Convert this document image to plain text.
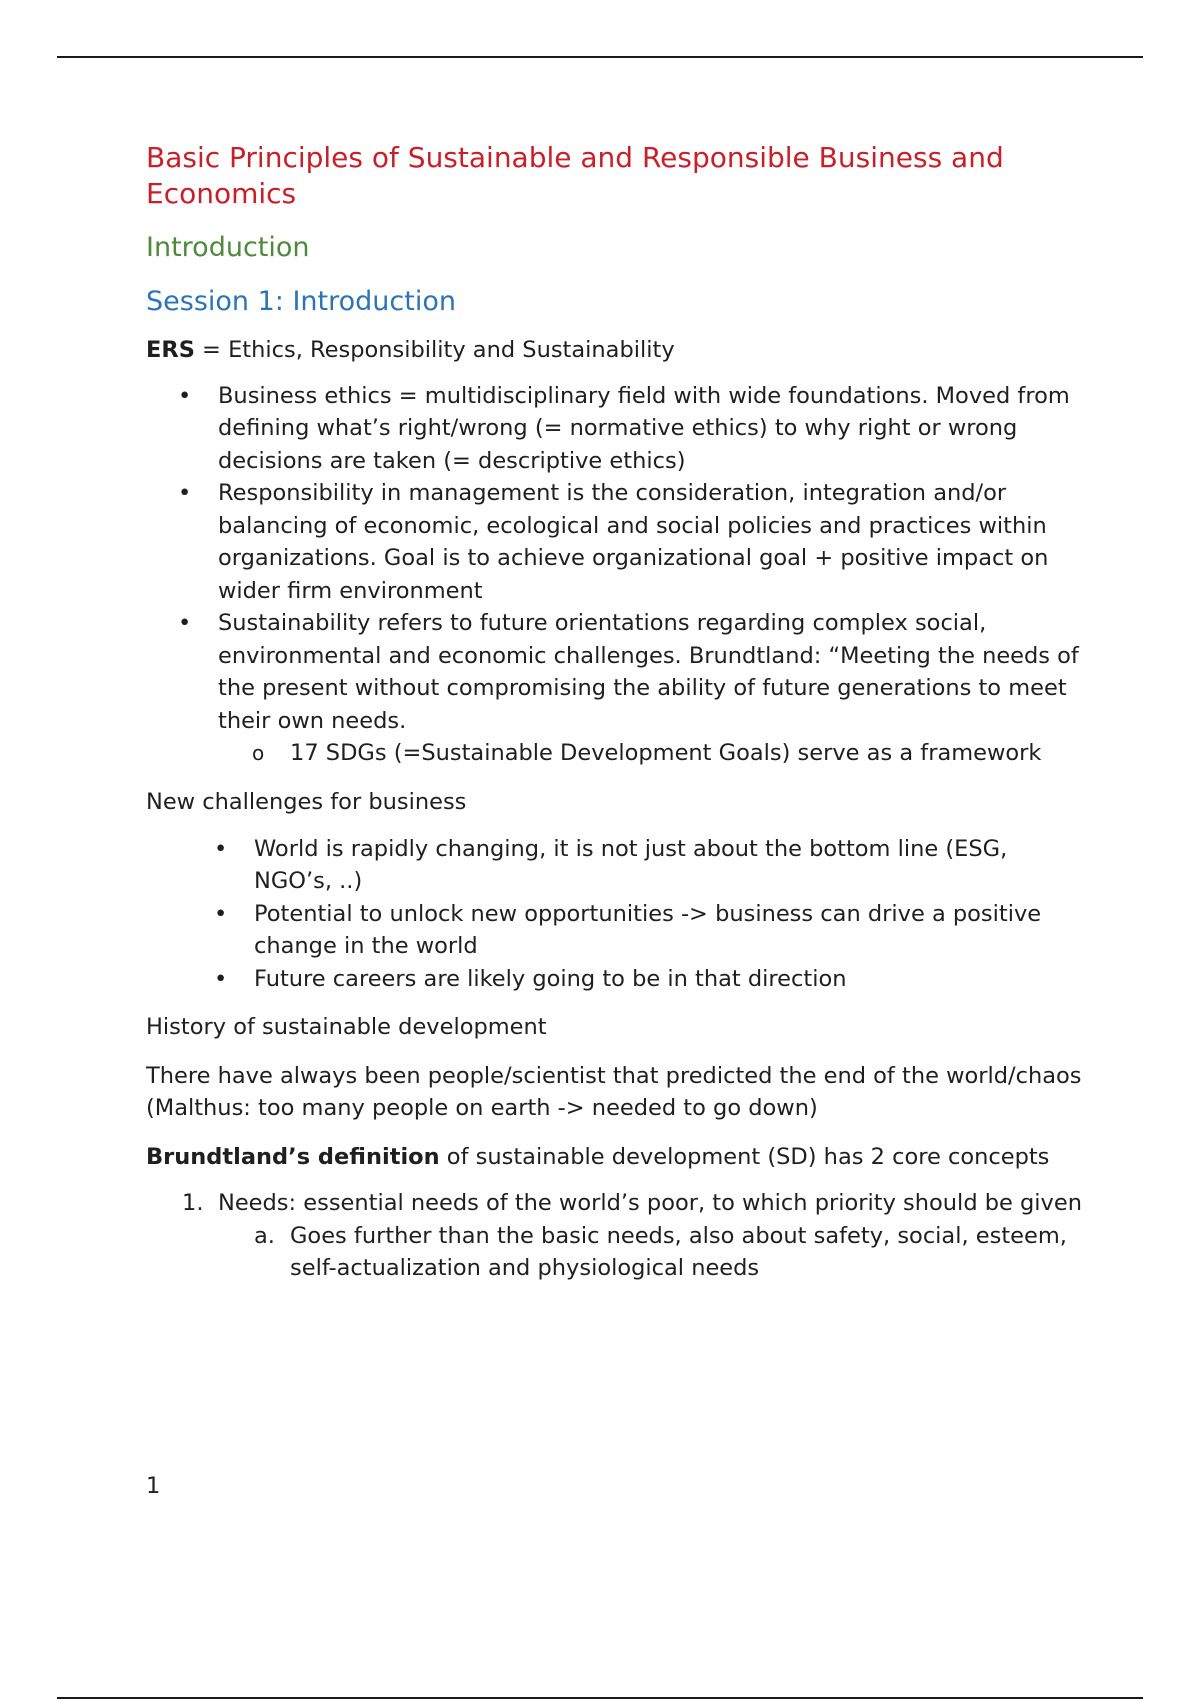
Basic Principles of Sustainable and Responsible Business and Economics
Introduction
Session 1: Introduction

ERS = Ethics, Responsibility and Sustainability

• Business ethics = multidisciplinary field with wide foundations. Moved from defining what’s right/wrong (= normative ethics) to why right or wrong decisions are taken (= descriptive ethics)
• Responsibility in management is the consideration, integration and/or balancing of economic, ecological and social policies and practices within organizations. Goal is to achieve organizational goal + positive impact on wider firm environment
• Sustainability refers to future orientations regarding complex social, environmental and economic challenges. Brundtland: “Meeting the needs of the present without compromising the ability of future generations to meet their own needs.
o 17 SDGs (=Sustainable Development Goals) serve as a framework

New challenges for business

• World is rapidly changing, it is not just about the bottom line (ESG, NGO’s, ..)
• Potential to unlock new opportunities -> business can drive a positive change in the world
• Future careers are likely going to be in that direction

History of sustainable development

There have always been people/scientist that predicted the end of the world/chaos (Malthus: too many people on earth -> needed to go down)

Brundtland’s definition of sustainable development (SD) has 2 core concepts

1. Needs: essential needs of the world’s poor, to which priority should be given
a. Goes further than the basic needs, also about safety, social, esteem, self-actualization and physiological needs
1
